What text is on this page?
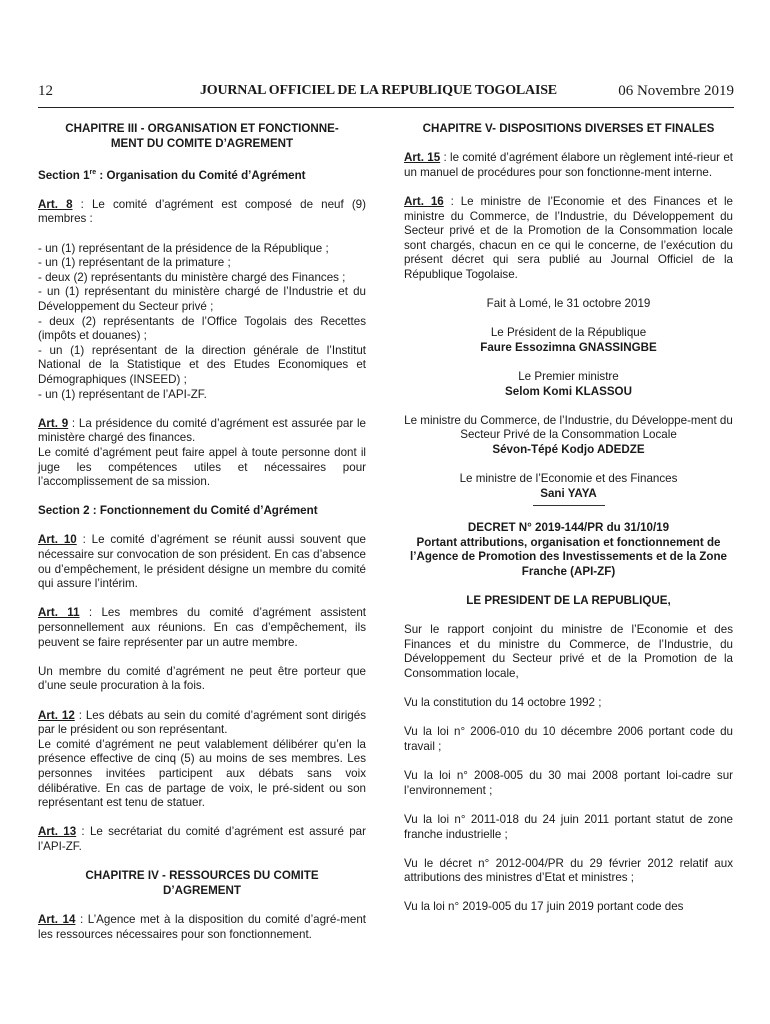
12	JOURNAL OFFICIEL DE LA REPUBLIQUE TOGOLAISE	06 Novembre 2019
CHAPITRE III - ORGANISATION ET FONCTIONNE-
MENT DU COMITE D’AGREMENT
Section 1re : Organisation du Comité d’Agrément
Art. 8 : Le comité d’agrément est composé de neuf (9) membres :
- un (1) représentant de la présidence de la République ;
- un (1) représentant de la primature ;
- deux (2) représentants du ministère chargé des Finances ;
- un (1) représentant du ministère chargé de l’Industrie et du Développement du Secteur privé ;
- deux (2) représentants de l’Office Togolais des Recettes (impôts et douanes) ;
- un (1) représentant de la direction générale de l’Institut National de la Statistique et des Etudes Economiques et Démographiques (INSEED) ;
- un (1) représentant de l’API-ZF.
Art. 9 : La présidence du comité d’agrément est assurée par le ministère chargé des finances.
Le comité d’agrément peut faire appel à toute personne dont il juge les compétences utiles et nécessaires pour l’accomplissement de sa mission.
Section 2 : Fonctionnement du Comité d’Agrément
Art. 10 : Le comité d’agrément se réunit aussi souvent que nécessaire sur convocation de son président. En cas d’absence ou d’empêchement, le président désigne un membre du comité qui assure l’intérim.
Art. 11 : Les membres du comité d’agrément assistent personnellement aux réunions. En cas d’empêchement, ils peuvent se faire représenter par un autre membre.
Un membre du comité d’agrément ne peut être porteur que d’une seule procuration à la fois.
Art. 12 : Les débats au sein du comité d’agrément sont dirigés par le président ou son représentant.
Le comité d’agrément ne peut valablement délibérer qu’en la présence effective de cinq (5) au moins de ses membres. Les personnes invitées participent aux débats sans voix délibérative. En cas de partage de voix, le pré-sident ou son représentant est tenu de statuer.
Art. 13 : Le secrétariat du comité d’agrément est assuré par l’API-ZF.
CHAPITRE IV - RESSOURCES DU COMITE
D’AGREMENT
Art. 14 : L’Agence met à la disposition du comité d’agré-ment les ressources nécessaires pour son fonctionnement.
CHAPITRE V- DISPOSITIONS DIVERSES ET FINALES
Art. 15 : le comité d’agrément élabore un règlement inté-rieur et un manuel de procédures pour son fonctionne-ment interne.
Art. 16 : Le ministre de l’Economie et des Finances et le ministre du Commerce, de l’Industrie, du Développement du Secteur privé et de la Promotion de la Consommation locale sont chargés, chacun en ce qui le concerne, de l’exécution du présent décret qui sera publié au Journal Officiel de la République Togolaise.
Fait à Lomé, le 31 octobre 2019
Le Président de la République
Faure Essozimna GNASSINGBE
Le Premier ministre
Selom Komi KLASSOU
Le ministre du Commerce, de l’Industrie, du Développe-ment du Secteur Privé de la Consommation Locale
Sévon-Tépé Kodjo ADEDZE
Le ministre de l’Economie et des Finances
Sani YAYA
DECRET N° 2019-144/PR du 31/10/19
Portant attributions, organisation et fonctionnement de l’Agence de Promotion des Investissements et de la Zone Franche (API-ZF)
LE PRESIDENT DE LA REPUBLIQUE,
Sur le rapport conjoint du ministre de l’Economie et des Finances et du ministre du Commerce, de l’Industrie, du Développement du Secteur privé et de la Promotion de la Consommation locale,
Vu la constitution du 14 octobre 1992 ;
Vu la loi n° 2006-010 du 10 décembre 2006 portant code du travail ;
Vu la loi n° 2008-005 du 30 mai 2008 portant loi-cadre sur l’environnement ;
Vu la loi n° 2011-018 du 24 juin 2011 portant statut de zone franche industrielle ;
Vu le décret n° 2012-004/PR du 29 février 2012 relatif aux attributions des ministres d’Etat et ministres ;
Vu la loi n° 2019-005 du 17 juin 2019 portant code des
